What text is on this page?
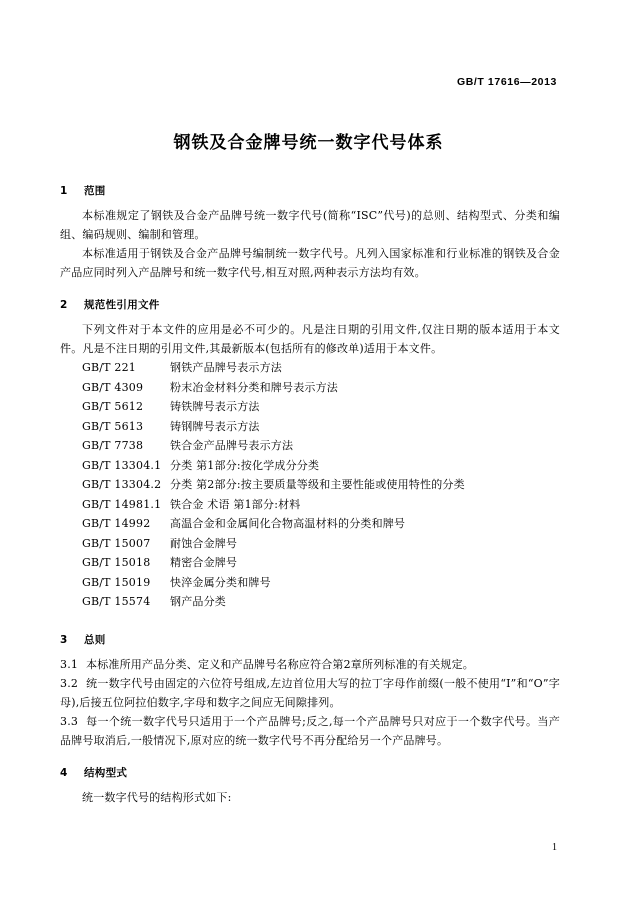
GB/T 17616—2013
钢铁及合金牌号统一数字代号体系
1 范围

本标准规定了钢铁及合金产品牌号统一数字代号(简称“ISC”代号)的总则、结构型式、分类和编组、编码规则、编制和管理。

本标准适用于钢铁及合金产品牌号编制统一数字代号。凡列入国家标准和行业标准的钢铁及合金产品应同时列入产品牌号和统一数字代号,相互对照,两种表示方法均有效。

2 规范性引用文件

下列文件对于本文件的应用是必不可少的。凡是注日期的引用文件,仅注日期的版本适用于本文件。凡是不注日期的引用文件,其最新版本(包括所有的修改单)适用于本文件。

GB/T 221	钢铁产品牌号表示方法
GB/T 4309 粉末冶金材料分类和牌号表示方法
GB/T 5612 铸铁牌号表示方法
GB/T 5613 铸钢牌号表示方法
GB/T 7738 铁合金产品牌号表示方法
GB/T 13304.1 分类 第1部分:按化学成分分类
GB/T 13304.2 分类 第2部分:按主要质量等级和主要性能或使用特性的分类
GB/T 14981.1 铁合金 术语 第1部分:材料
GB/T 14992 高温合金和金属间化合物高温材料的分类和牌号
GB/T 15007 耐蚀合金牌号
GB/T 15018 精密合金牌号
GB/T 15019 快淬金属分类和牌号
GB/T 15574 钢产品分类
3 总则

3.1 本标准所用产品分类、定义和产品牌号名称应符合第2章所列标准的有关规定。

3.2 统一数字代号由固定的六位符号组成,左边首位用大写的拉丁字母作前缀(一般不使用“I”和“O”字母),后接五位阿拉伯数字,字母和数字之间应无间隙排列。

3.3 每一个统一数字代号只适用于一个产品牌号;反之,每一个产品牌号只对应于一个数字代号。当产品牌号取消后,一般情况下,原对应的统一数字代号不再分配给另一个产品牌号。

4 结构型式

统一数字代号的结构形式如下:

1
